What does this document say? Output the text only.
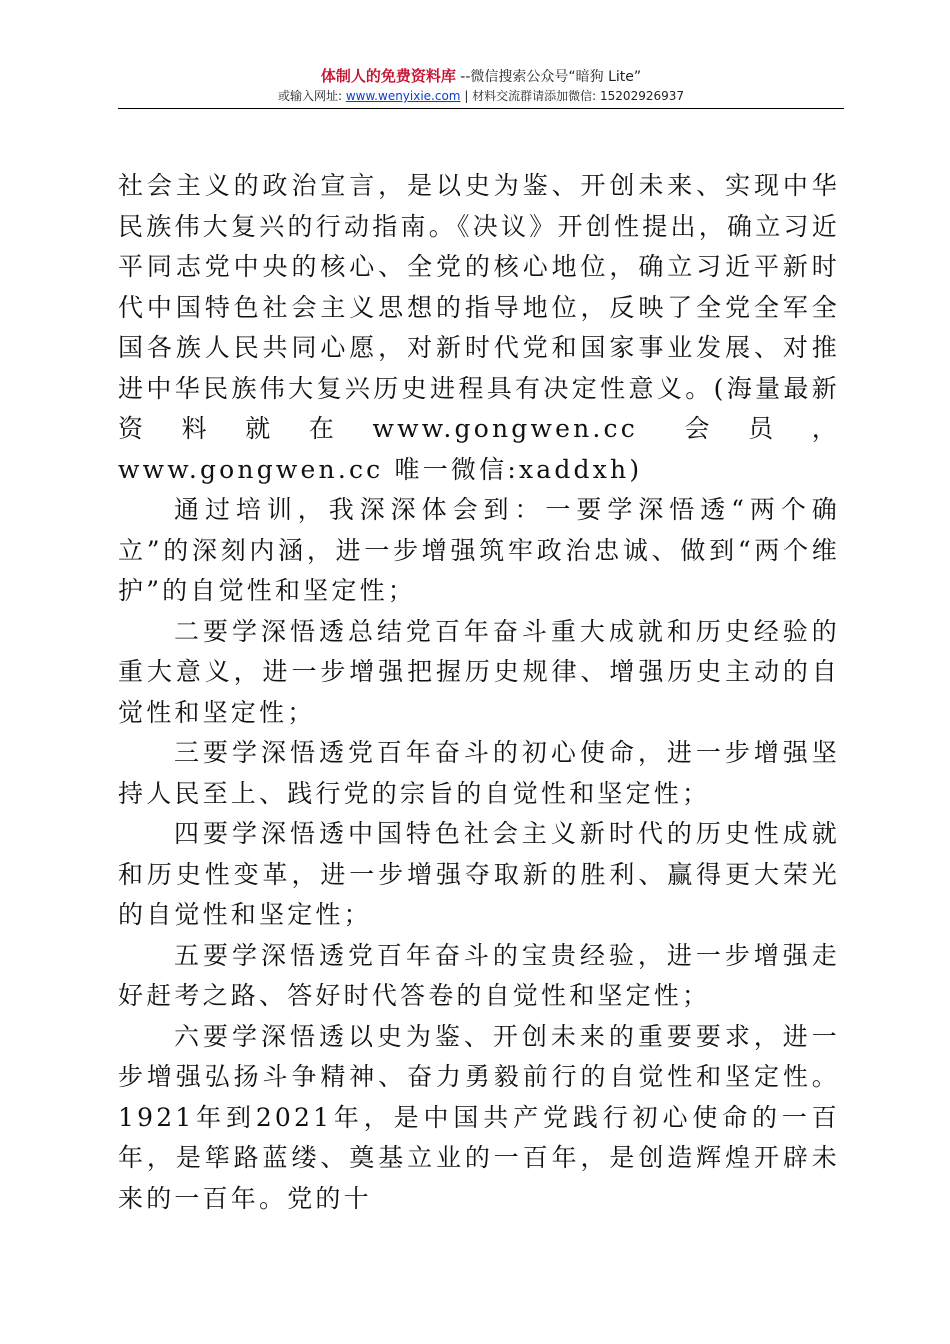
体制人的免费资料库 --微信搜索公众号“暗狗 Lite”
或输入网址: www.wenyixie.com | 材料交流群请添加微信: 15202926937

社会主义的政治宣言，是以史为鉴、开创未来、实现中华民族伟大复兴的行动指南。《决议》开创性提出，确立习近平同志党中央的核心、全党的核心地位，确立习近平新时代中国特色社会主义思想的指导地位，反映了全党全军全国各族人民共同心愿，对新时代党和国家事业发展、对推进中华民族伟大复兴历史进程具有决定性意义。(海量最新资料就在www.gongwen.cc 会员，www.gongwen.cc 唯一微信:xaddxh)

通过培训，我深深体会到：一要学深悟透“两个确立”的深刻内涵，进一步增强筑牢政治忠诚、做到“两个维护”的自觉性和坚定性；

二要学深悟透总结党百年奋斗重大成就和历史经验的重大意义，进一步增强把握历史规律、增强历史主动的自觉性和坚定性；

三要学深悟透党百年奋斗的初心使命，进一步增强坚持人民至上、践行党的宗旨的自觉性和坚定性；

四要学深悟透中国特色社会主义新时代的历史性成就和历史性变革，进一步增强夺取新的胜利、赢得更大荣光的自觉性和坚定性；

五要学深悟透党百年奋斗的宝贵经验，进一步增强走好赶考之路、答好时代答卷的自觉性和坚定性；

六要学深悟透以史为鉴、开创未来的重要要求，进一步增强弘扬斗争精神、奋力勇毅前行的自觉性和坚定性。1921年到2021年，是中国共产党践行初心使命的一百年，是筚路蓝缕、奠基立业的一百年，是创造辉煌开辟未来的一百年。党的十
